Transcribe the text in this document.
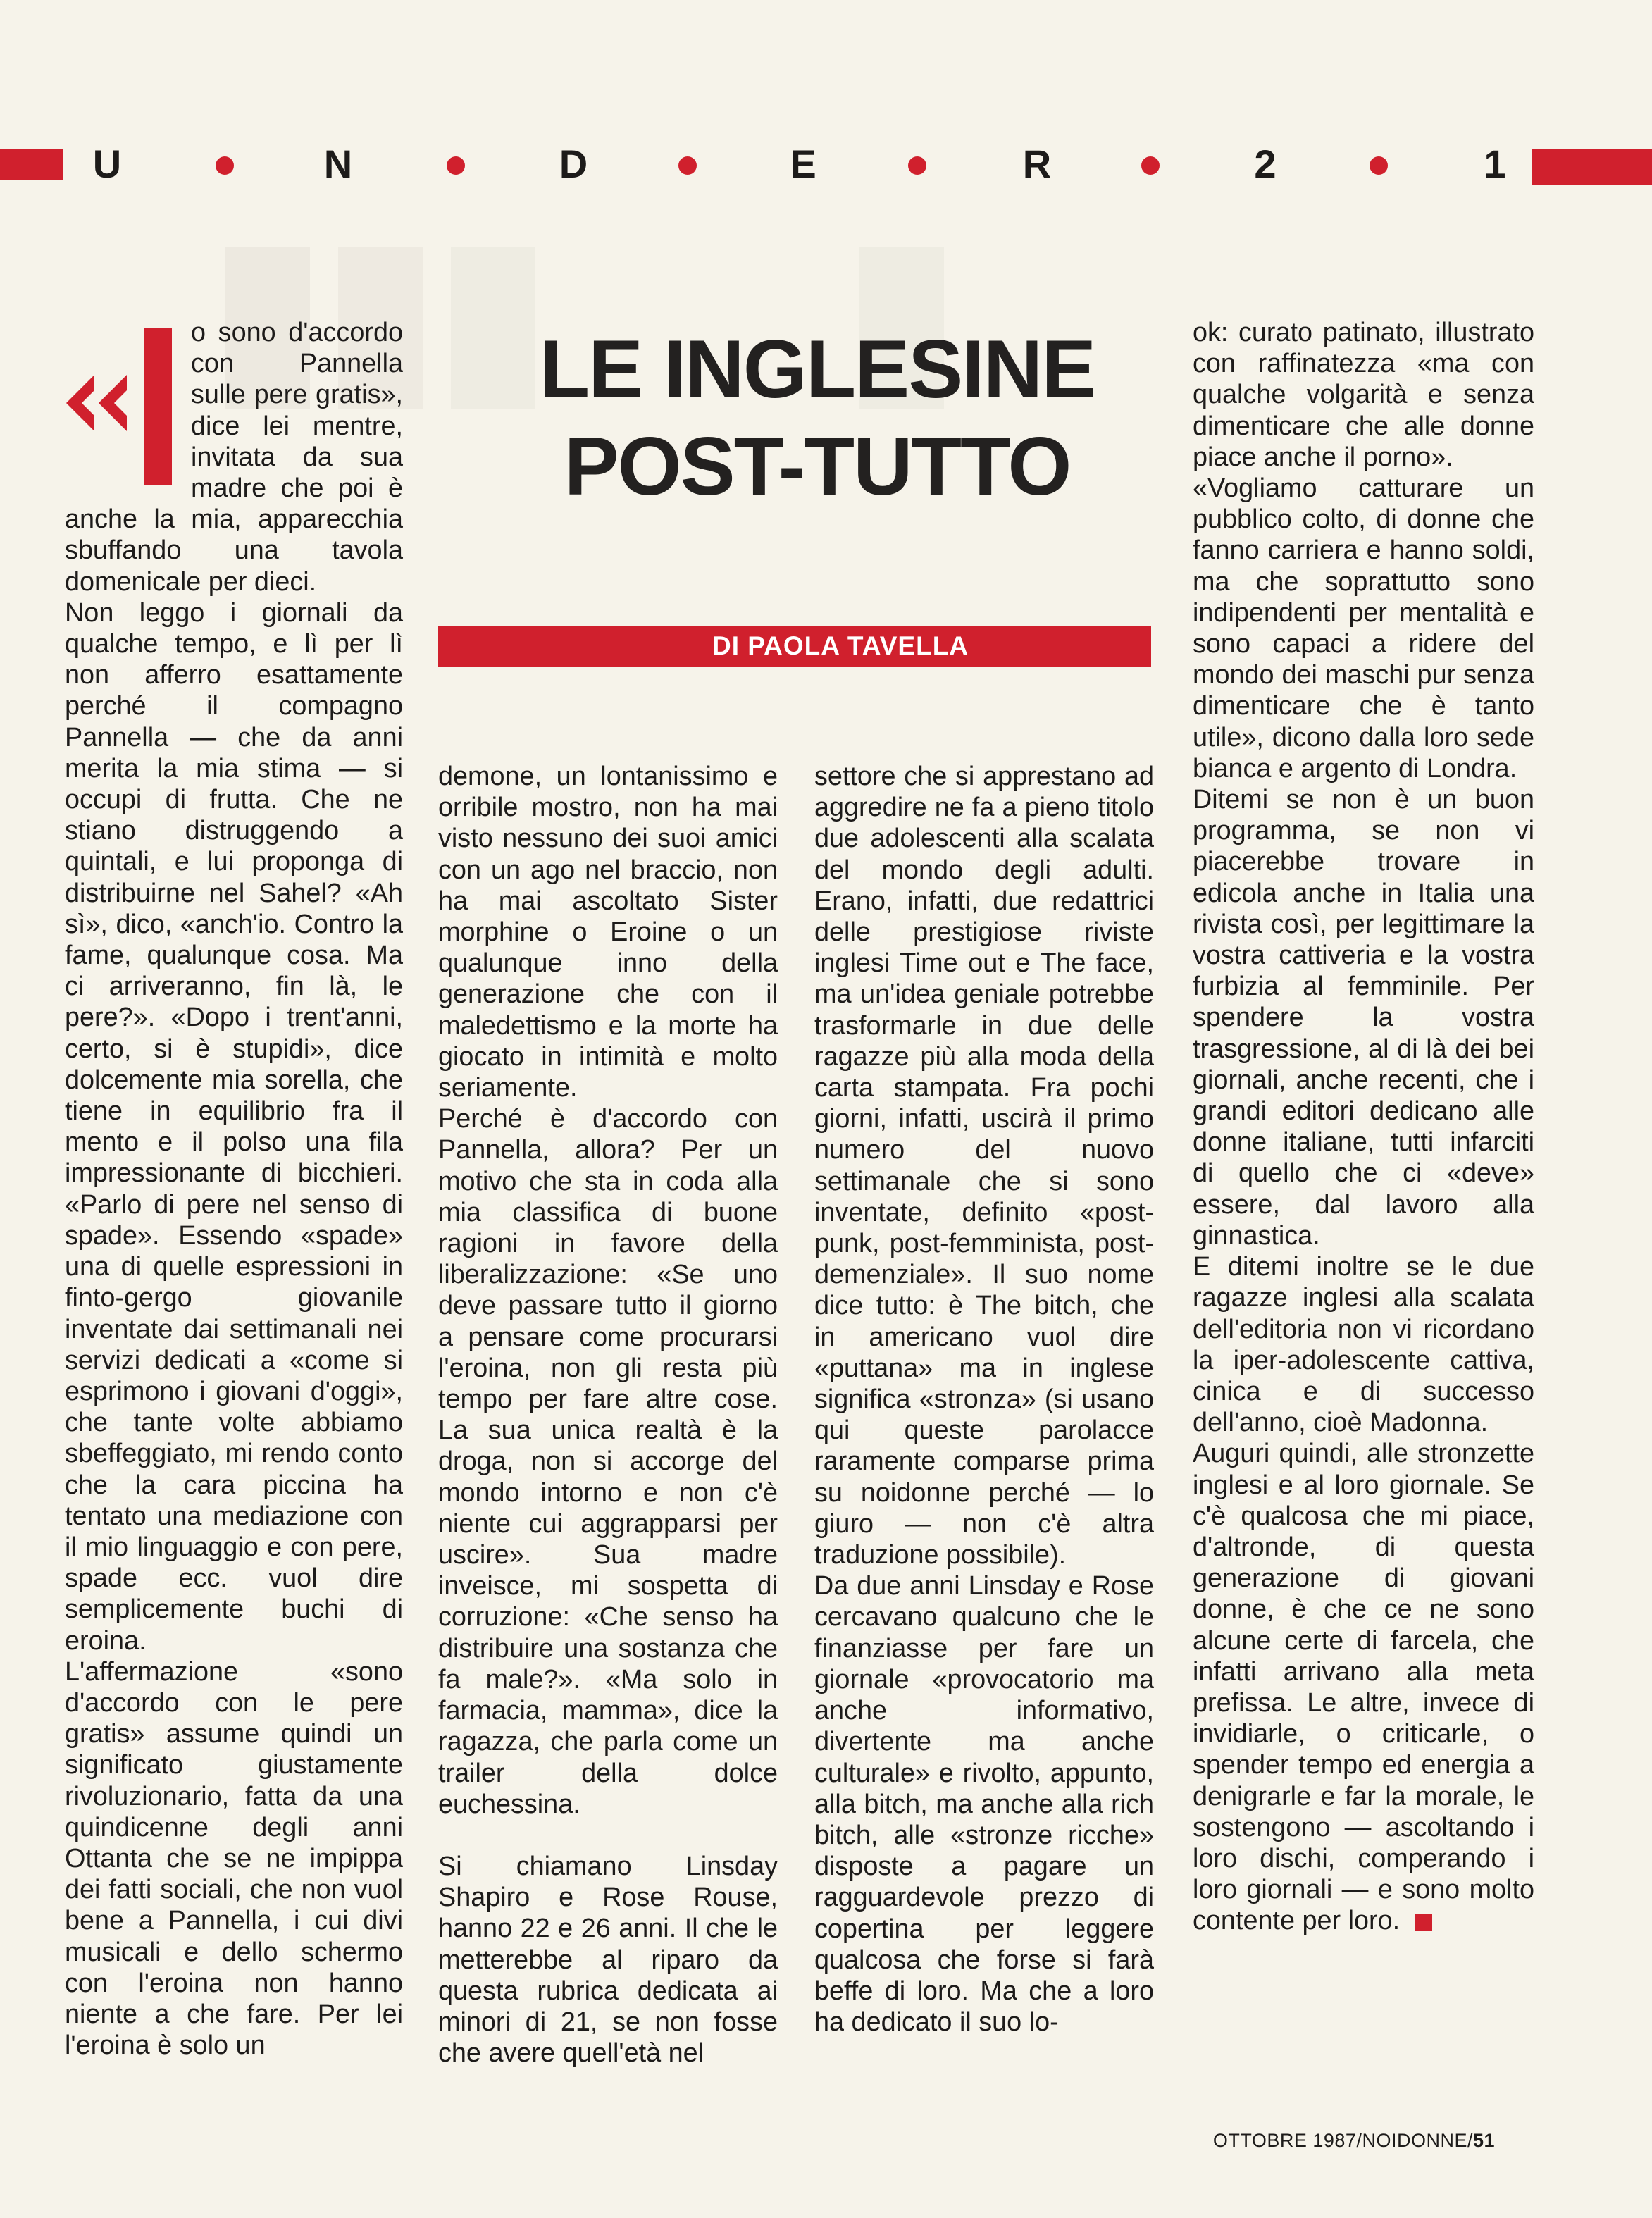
U	N	D	E	R	2	1
LE INGLESINE
POST-TUTTO
DI PAOLA TAVELLA

o sono d'accordo con Pannella sulle pere gratis», dice lei mentre, invitata da sua madre che poi è anche la mia, apparecchia sbuffando una tavola domenicale per dieci.

Non leggo i giornali da qualche tempo, e lì per lì non afferro esattamente perché il compagno Pannella — che da anni merita la mia stima — si occupi di frutta. Che ne stiano distruggendo a quintali, e lui proponga di distribuirne nel Sahel? «Ah sì», dico, «anch'io. Contro la fame, qualunque cosa. Ma ci arriveranno, fin là, le pere?». «Dopo i trent'anni, certo, si è stupidi», dice dolcemente mia sorella, che tiene in equilibrio fra il mento e il polso una fila impressionante di bicchieri. «Parlo di pere nel senso di spade». Essendo «spade» una di quelle espressioni in finto-gergo giovanile inventate dai settimanali nei servizi dedicati a «come si esprimono i giovani d'oggi», che tante volte abbiamo sbeffeggiato, mi rendo conto che la cara piccina ha tentato una mediazione con il mio linguaggio e con pere, spade ecc. vuol dire semplicemente buchi di eroina.

L'affermazione «sono d'accordo con le pere gratis» assume quindi un significato giustamente rivoluzionario, fatta da una quindicenne degli anni Ottanta che se ne impippa dei fatti sociali, che non vuol bene a Pannella, i cui divi musicali e dello schermo con l'eroina non hanno niente a che fare. Per lei l'eroina è solo un

demone, un lontanissimo e orribile mostro, non ha mai visto nessuno dei suoi amici con un ago nel braccio, non ha mai ascoltato Sister morphine o Eroine o un qualunque inno della generazione che con il maledettismo e la morte ha giocato in intimità e molto seriamente.

Perché è d'accordo con Pannella, allora? Per un motivo che sta in coda alla mia classifica di buone ragioni in favore della liberalizzazione: «Se uno deve passare tutto il giorno a pensare come procurarsi l'eroina, non gli resta più tempo per fare altre cose. La sua unica realtà è la droga, non si accorge del mondo intorno e non c'è niente cui aggrapparsi per uscire». Sua madre inveisce, mi sospetta di corruzione: «Che senso ha distribuire una sostanza che fa male?». «Ma solo in farmacia, mamma», dice la ragazza, che parla come un trailer della dolce euchessina.

Si chiamano Linsday Shapiro e Rose Rouse, hanno 22 e 26 anni. Il che le metterebbe al riparo da questa rubrica dedicata ai minori di 21, se non fosse che avere quell'età nel

settore che si apprestano ad aggredire ne fa a pieno titolo due adolescenti alla scalata del mondo degli adulti. Erano, infatti, due redattrici delle prestigiose riviste inglesi Time out e The face, ma un'idea geniale potrebbe trasformarle in due delle ragazze più alla moda della carta stampata. Fra pochi giorni, infatti, uscirà il primo numero del nuovo settimanale che si sono inventate, definito «post-punk, post-femminista, post-demenziale». Il suo nome dice tutto: è The bitch, che in americano vuol dire «puttana» ma in inglese significa «stronza» (si usano qui queste parolacce raramente comparse prima su noidonne perché — lo giuro — non c'è altra traduzione possibile).

Da due anni Linsday e Rose cercavano qualcuno che le finanziasse per fare un giornale «provocatorio ma anche informativo, divertente ma anche culturale» e rivolto, appunto, alla bitch, ma anche alla rich bitch, alle «stronze ricche» disposte a pagare un ragguardevole prezzo di copertina per leggere qualcosa che forse si farà beffe di loro. Ma che a loro ha dedicato il suo lo-

ok: curato patinato, illustrato con raffinatezza «ma con qualche volgarità e senza dimenticare che alle donne piace anche il porno».

«Vogliamo catturare un pubblico colto, di donne che fanno carriera e hanno soldi, ma che soprattutto sono indipendenti per mentalità e sono capaci a ridere del mondo dei maschi pur senza dimenticare che è tanto utile», dicono dalla loro sede bianca e argento di Londra.

Ditemi se non è un buon programma, se non vi piacerebbe trovare in edicola anche in Italia una rivista così, per legittimare la vostra cattiveria e la vostra furbizia al femminile. Per spendere la vostra trasgressione, al di là dei bei giornali, anche recenti, che i grandi editori dedicano alle donne italiane, tutti infarciti di quello che ci «deve» essere, dal lavoro alla ginnastica.

E ditemi inoltre se le due ragazze inglesi alla scalata dell'editoria non vi ricordano la iper-adolescente cattiva, cinica e di successo dell'anno, cioè Madonna.

Auguri quindi, alle stronzette inglesi e al loro giornale. Se c'è qualcosa che mi piace, d'altronde, di questa generazione di giovani donne, è che ce ne sono alcune certe di farcela, che infatti arrivano alla meta prefissa. Le altre, invece di invidiarle, o criticarle, o spender tempo ed energia a denigrarle e far la morale, le sostengono — ascoltando i loro dischi, comperando i loro giornali — e sono molto contente per loro.

OTTOBRE 1987/NOIDONNE/51
